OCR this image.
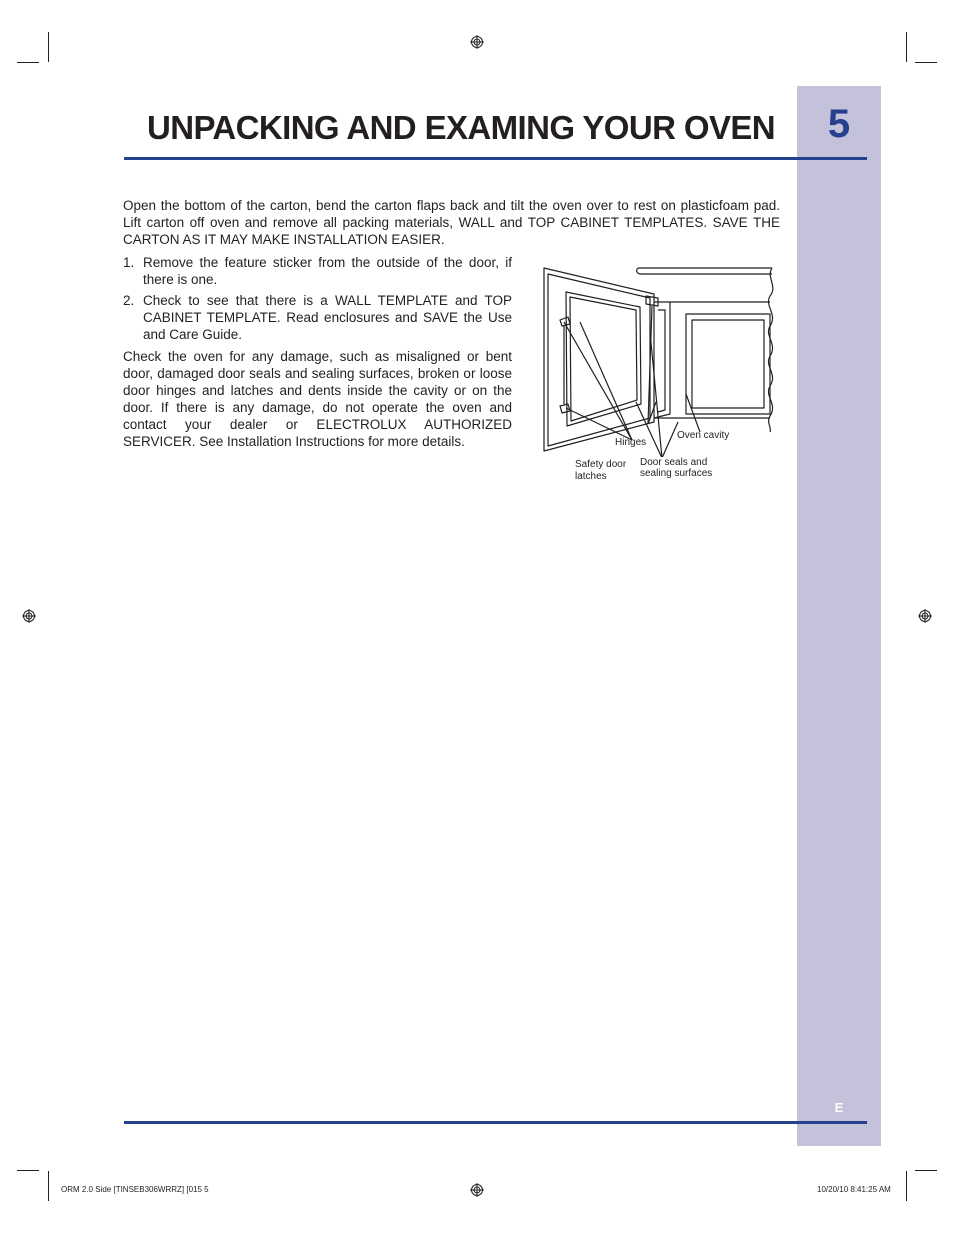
5
E
UNPACKING AND EXAMING YOUR OVEN
Open the bottom of the carton, bend the carton flaps back and tilt the oven over to rest on plasticfoam pad. Lift carton off oven and remove all packing materials, WALL and TOP CABINET TEMPLATES. SAVE THE CARTON AS IT MAY MAKE INSTALLATION EASIER.
1. Remove the feature sticker from the outside of the door, if there is one.
2. Check to see that there is a WALL TEMPLATE and TOP CABINET TEMPLATE. Read enclosures and SAVE the Use and Care Guide.
Check the oven for any damage, such as misaligned or bent door, damaged door seals and sealing surfaces, broken or loose door hinges and latches and dents inside the cavity or on the door. If there is any damage, do not operate the oven and contact your dealer or ELECTROLUX AUTHORIZED SERVICER. See Installation Instructions for more details.	Hinges
Oven cavity
Safety door
latches
Door seals and
sealing surfaces
ORM 2.0 Side [TINSEB306WRRZ] [015 5	10/20/10 8:41:25 AM
